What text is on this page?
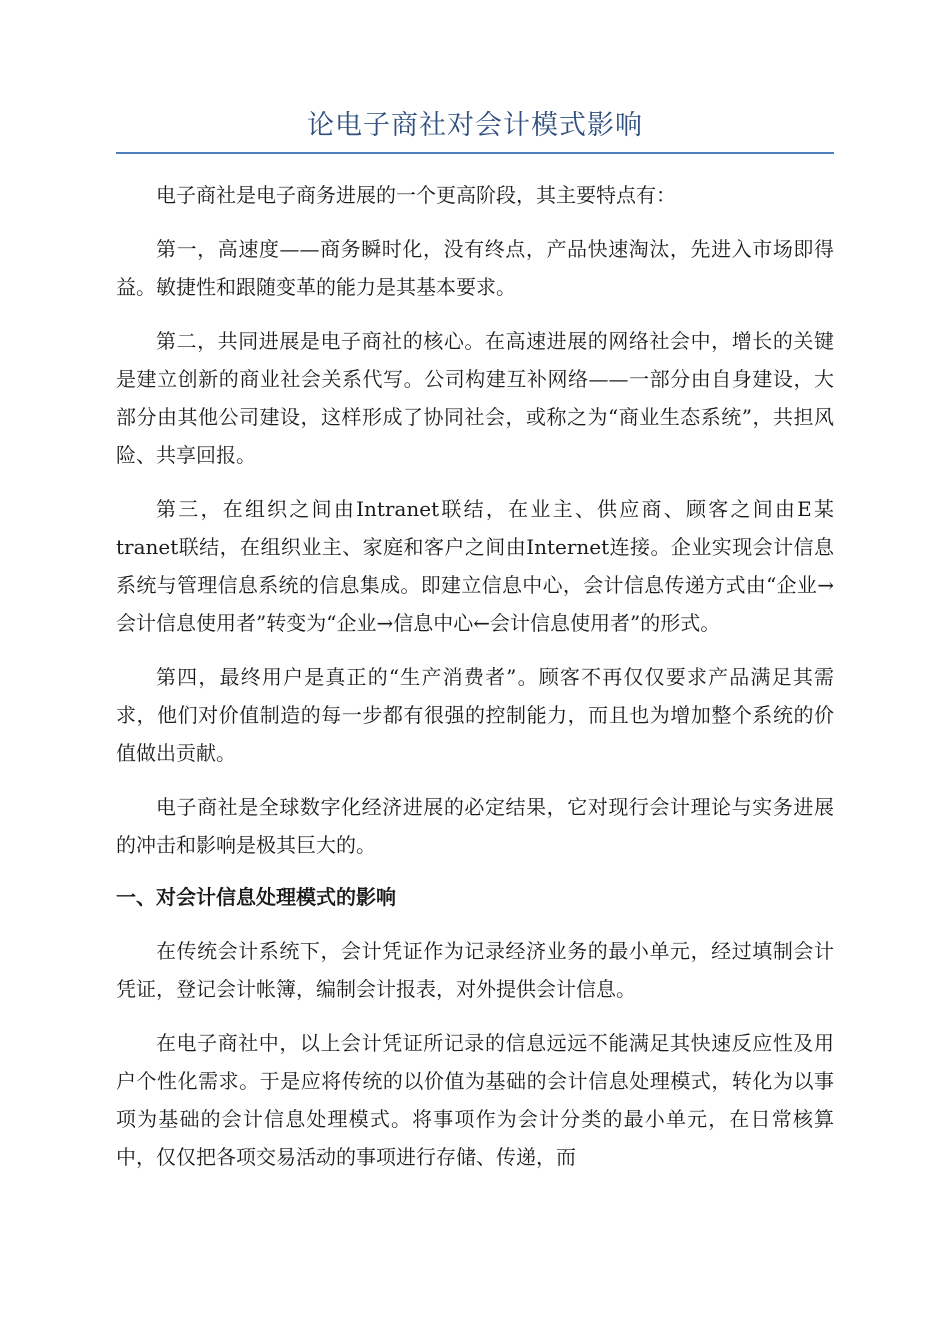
论电子商社对会计模式影响

电子商社是电子商务进展的一个更高阶段，其主要特点有：

第一，高速度——商务瞬时化，没有终点，产品快速淘汰，先进入市场即得益。敏捷性和跟随变革的能力是其基本要求。

第二，共同进展是电子商社的核心。在高速进展的网络社会中，增长的关键是建立创新的商业社会关系代写。公司构建互补网络——一部分由自身建设，大部分由其他公司建设，这样形成了协同社会，或称之为“商业生态系统”，共担风险、共享回报。

第三，在组织之间由Intranet联结，在业主、供应商、顾客之间由E某tranet联结，在组织业主、家庭和客户之间由Internet连接。企业实现会计信息系统与管理信息系统的信息集成。即建立信息中心，会计信息传递方式由“企业→会计信息使用者”转变为“企业→信息中心←会计信息使用者”的形式。

第四，最终用户是真正的“生产消费者”。顾客不再仅仅要求产品满足其需求，他们对价值制造的每一步都有很强的控制能力，而且也为增加整个系统的价值做出贡献。

电子商社是全球数字化经济进展的必定结果，它对现行会计理论与实务进展的冲击和影响是极其巨大的。

一、对会计信息处理模式的影响

在传统会计系统下，会计凭证作为记录经济业务的最小单元，经过填制会计凭证，登记会计帐簿，编制会计报表，对外提供会计信息。

在电子商社中，以上会计凭证所记录的信息远远不能满足其快速反应性及用户个性化需求。于是应将传统的以价值为基础的会计信息处理模式，转化为以事项为基础的会计信息处理模式。将事项作为会计分类的最小单元，在日常核算中，仅仅把各项交易活动的事项进行存储、传递，而
